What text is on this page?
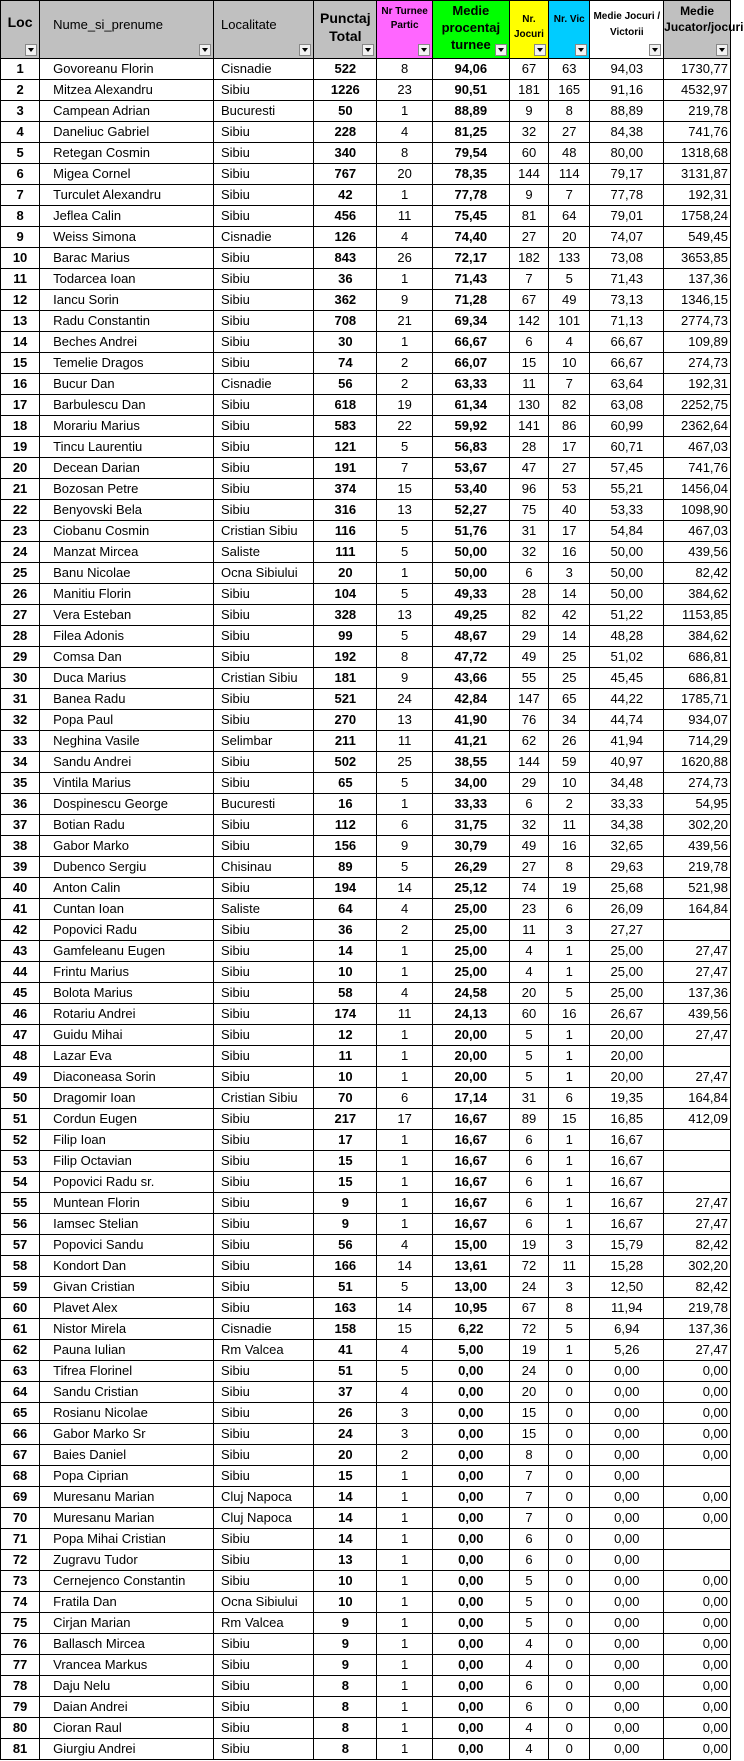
Loc	Nume_si_prenume	Localitate	Punctaj Total	Nr Turnee Partic	Medie procentaj turnee	Nr. Jocuri	Nr. Vic	Medie Jocuri / Victorii	Medie Jucator/jocuri

1	Govoreanu Florin	Cisnadie	522	8	94,06	67	63	94,03	1730,77
2	Mitzea Alexandru	Sibiu	1226	23	90,51	181	165	91,16	4532,97
3	Campean Adrian	Bucuresti	50	1	88,89	9	8	88,89	219,78
4	Daneliuc Gabriel	Sibiu	228	4	81,25	32	27	84,38	741,76
5	Retegan Cosmin	Sibiu	340	8	79,54	60	48	80,00	1318,68
6	Migea Cornel	Sibiu	767	20	78,35	144	114	79,17	3131,87
7	Turculet Alexandru	Sibiu	42	1	77,78	9	7	77,78	192,31
8	Jeflea Calin	Sibiu	456	11	75,45	81	64	79,01	1758,24
9	Weiss Simona	Cisnadie	126	4	74,40	27	20	74,07	549,45
10	Barac Marius	Sibiu	843	26	72,17	182	133	73,08	3653,85
11	Todarcea Ioan	Sibiu	36	1	71,43	7	5	71,43	137,36
12	Iancu Sorin	Sibiu	362	9	71,28	67	49	73,13	1346,15
13	Radu Constantin	Sibiu	708	21	69,34	142	101	71,13	2774,73
14	Beches Andrei	Sibiu	30	1	66,67	6	4	66,67	109,89
15	Temelie Dragos	Sibiu	74	2	66,07	15	10	66,67	274,73
16	Bucur Dan	Cisnadie	56	2	63,33	11	7	63,64	192,31
17	Barbulescu Dan	Sibiu	618	19	61,34	130	82	63,08	2252,75
18	Morariu Marius	Sibiu	583	22	59,92	141	86	60,99	2362,64
19	Tincu Laurentiu	Sibiu	121	5	56,83	28	17	60,71	467,03
20	Decean Darian	Sibiu	191	7	53,67	47	27	57,45	741,76
21	Bozosan Petre	Sibiu	374	15	53,40	96	53	55,21	1456,04
22	Benyovski Bela	Sibiu	316	13	52,27	75	40	53,33	1098,90
23	Ciobanu Cosmin	Cristian Sibiu	116	5	51,76	31	17	54,84	467,03
24	Manzat Mircea	Saliste	111	5	50,00	32	16	50,00	439,56
25	Banu Nicolae	Ocna Sibiului	20	1	50,00	6	3	50,00	82,42
26	Manitiu Florin	Sibiu	104	5	49,33	28	14	50,00	384,62
27	Vera Esteban	Sibiu	328	13	49,25	82	42	51,22	1153,85
28	Filea Adonis	Sibiu	99	5	48,67	29	14	48,28	384,62
29	Comsa Dan	Sibiu	192	8	47,72	49	25	51,02	686,81
30	Duca Marius	Cristian Sibiu	181	9	43,66	55	25	45,45	686,81
31	Banea Radu	Sibiu	521	24	42,84	147	65	44,22	1785,71
32	Popa Paul	Sibiu	270	13	41,90	76	34	44,74	934,07
33	Neghina Vasile	Selimbar	211	11	41,21	62	26	41,94	714,29
34	Sandu Andrei	Sibiu	502	25	38,55	144	59	40,97	1620,88
35	Vintila Marius	Sibiu	65	5	34,00	29	10	34,48	274,73
36	Dospinescu George	Bucuresti	16	1	33,33	6	2	33,33	54,95
37	Botian Radu	Sibiu	112	6	31,75	32	11	34,38	302,20
38	Gabor Marko	Sibiu	156	9	30,79	49	16	32,65	439,56
39	Dubenco Sergiu	Chisinau	89	5	26,29	27	8	29,63	219,78
40	Anton Calin	Sibiu	194	14	25,12	74	19	25,68	521,98
41	Cuntan Ioan	Saliste	64	4	25,00	23	6	26,09	164,84
42	Popovici Radu	Sibiu	36	2	25,00	11	3	27,27	
43	Gamfeleanu Eugen	Sibiu	14	1	25,00	4	1	25,00	27,47
44	Frintu Marius	Sibiu	10	1	25,00	4	1	25,00	27,47
45	Bolota Marius	Sibiu	58	4	24,58	20	5	25,00	137,36
46	Rotariu Andrei	Sibiu	174	11	24,13	60	16	26,67	439,56
47	Guidu Mihai	Sibiu	12	1	20,00	5	1	20,00	27,47
48	Lazar Eva	Sibiu	11	1	20,00	5	1	20,00	
49	Diaconeasa Sorin	Sibiu	10	1	20,00	5	1	20,00	27,47
50	Dragomir Ioan	Cristian Sibiu	70	6	17,14	31	6	19,35	164,84
51	Cordun Eugen	Sibiu	217	17	16,67	89	15	16,85	412,09
52	Filip Ioan	Sibiu	17	1	16,67	6	1	16,67	
53	Filip Octavian	Sibiu	15	1	16,67	6	1	16,67	
54	Popovici Radu sr.	Sibiu	15	1	16,67	6	1	16,67	
55	Muntean Florin	Sibiu	9	1	16,67	6	1	16,67	27,47
56	Iamsec Stelian	Sibiu	9	1	16,67	6	1	16,67	27,47
57	Popovici Sandu	Sibiu	56	4	15,00	19	3	15,79	82,42
58	Kondort Dan	Sibiu	166	14	13,61	72	11	15,28	302,20
59	Givan Cristian	Sibiu	51	5	13,00	24	3	12,50	82,42
60	Plavet Alex	Sibiu	163	14	10,95	67	8	11,94	219,78
61	Nistor Mirela	Cisnadie	158	15	6,22	72	5	6,94	137,36
62	Pauna Iulian	Rm Valcea	41	4	5,00	19	1	5,26	27,47
63	Tifrea Florinel	Sibiu	51	5	0,00	24	0	0,00	0,00
64	Sandu Cristian	Sibiu	37	4	0,00	20	0	0,00	0,00
65	Rosianu Nicolae	Sibiu	26	3	0,00	15	0	0,00	0,00
66	Gabor Marko Sr	Sibiu	24	3	0,00	15	0	0,00	0,00
67	Baies Daniel	Sibiu	20	2	0,00	8	0	0,00	0,00
68	Popa Ciprian	Sibiu	15	1	0,00	7	0	0,00	
69	Muresanu Marian	Cluj Napoca	14	1	0,00	7	0	0,00	0,00
70	Muresanu Marian	Cluj Napoca	14	1	0,00	7	0	0,00	0,00
71	Popa Mihai Cristian	Sibiu	14	1	0,00	6	0	0,00	
72	Zugravu Tudor	Sibiu	13	1	0,00	6	0	0,00	
73	Cernejenco Constantin	Sibiu	10	1	0,00	5	0	0,00	0,00
74	Fratila Dan	Ocna Sibiului	10	1	0,00	5	0	0,00	0,00
75	Cirjan Marian	Rm Valcea	9	1	0,00	5	0	0,00	0,00
76	Ballasch Mircea	Sibiu	9	1	0,00	4	0	0,00	0,00
77	Vrancea Markus	Sibiu	9	1	0,00	4	0	0,00	0,00
78	Daju Nelu	Sibiu	8	1	0,00	6	0	0,00	0,00
79	Daian Andrei	Sibiu	8	1	0,00	6	0	0,00	0,00
80	Cioran Raul	Sibiu	8	1	0,00	4	0	0,00	0,00
81	Giurgiu Andrei	Sibiu	8	1	0,00	4	0	0,00	0,00
